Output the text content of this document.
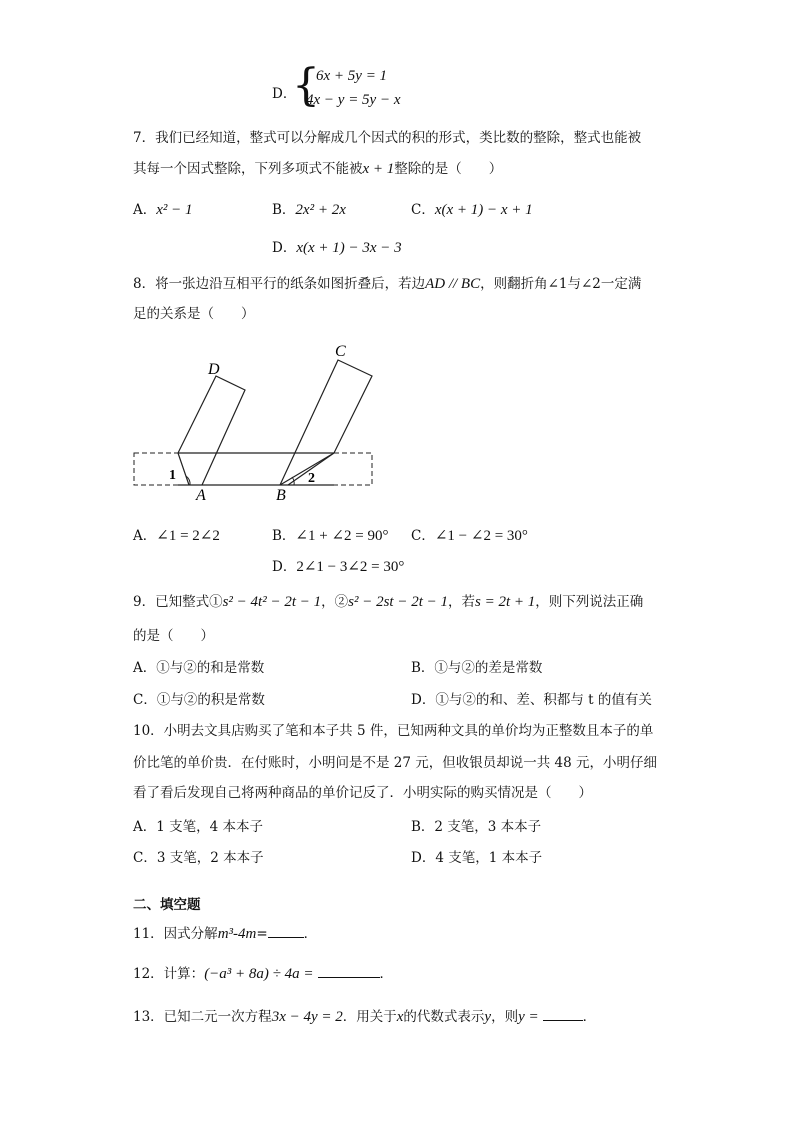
D．
{
6x + 5y = 1
4x − y = 5y − x
7．我们已经知道，整式可以分解成几个因式的积的形式，类比数的整除，整式也能被
其每一个因式整除，下列多项式不能被x + 1整除的是（　　）
A．x² − 1	B．2x² + 2x	C．x(x + 1) − x + 1
D．x(x + 1) − 3x − 3
8．将一张边沿互相平行的纸条如图折叠后，若边AD // BC，则翻折角∠1与∠2一定满
足的关系是（　　）
D
C
A	B
1	2
A．∠1 = 2∠2	B．∠1 + ∠2 = 90° C．∠1 − ∠2 = 30°
D．2∠1 − 3∠2 = 30°
9．已知整式①s² − 4t² − 2t − 1，②s² − 2st − 2t − 1，若s = 2t + 1，则下列说法正确
的是（　　）
A．①与②的和是常数	B．①与②的差是常数
C．①与②的积是常数	D．①与②的和、差、积都与 t 的值有关
10．小明去文具店购买了笔和本子共 5 件，已知两种文具的单价均为正整数且本子的单
价比笔的单价贵．在付账时，小明问是不是 27 元，但收银员却说一共 48 元，小明仔细
看了看后发现自己将两种商品的单价记反了．小明实际的购买情况是（　　）
A．1 支笔，4 本本子	B．2 支笔，3 本本子
C．3 支笔，2 本本子	D．4 支笔，1 本本子
二、填空题
11．因式分解m³-4m=	．
12．计算：(−a³ + 8a) ÷ 4a =	．
13．已知二元一次方程3x − 4y = 2．用关于x的代数式表示y，则y =	．
